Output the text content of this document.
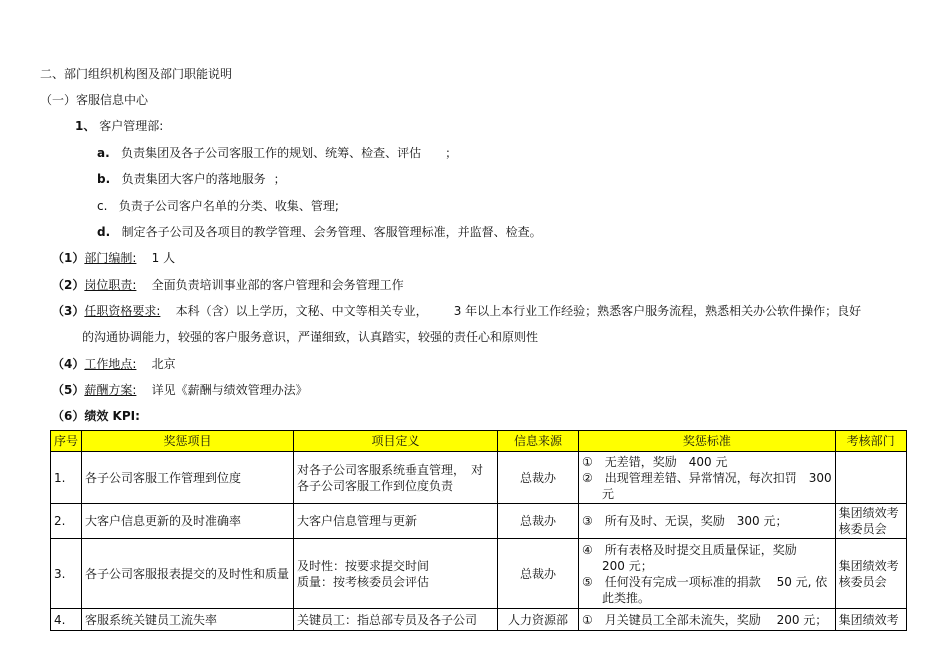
二、部门组织机构图及部门职能说明
（一）客服信息中心
1、 客户管理部:
a. 负责集团及各子公司客服工作的规划、统筹、检查、评估 ；
b. 负责集团大客户的落地服务 ；
c. 负责子公司客户名单的分类、收集、管理;
d. 制定各子公司及各项目的教学管理、会务管理、客服管理标准，并监督、检查。
（1）部门编制: 1 人
（2）岗位职责: 全面负责培训事业部的客户管理和会务管理工作
（3）任职资格要求: 本科（含）以上学历，文秘、中文等相关专业， 3 年以上本行业工作经验；熟悉客户服务流程，熟悉相关办公软件操作；良好
的沟通协调能力，较强的客户服务意识，严谨细致，认真踏实，较强的责任心和原则性
（4）工作地点: 北京
（5）薪酬方案: 详见《薪酬与绩效管理办法》
（6）绩效 KPI:
序号	奖惩项目	项目定义	信息来源	奖惩标准	考核部门
1.	各子公司客服工作管理到位度	对各子公司客服系统垂直管理，　对
各子公司客服工作到位度负责	总裁办	①　无差错，奖励　400 元
②　出现管理差错、异常情况，每次扣罚　300
元	

2.	大客户信息更新的及时准确率	大客户信息管理与更新	总裁办	③　所有及时、无误，奖励　300 元；	集团绩效考核委员会
3.	各子公司客服报表提交的及时性和质量	及时性：按要求提交时间
质量：按考核委员会评估	总裁办	④　所有表格及时提交且质量保证，奖励
200 元；
⑤　任何没有完成一项标准的捐款　 50 元, 依
此类推。	集团绩效考核委员会
4.	客服系统关键员工流失率	关键员工：指总部专员及各子公司	人力资源部	①　月关键员工全部未流失，奖励　 200 元；	集团绩效考
